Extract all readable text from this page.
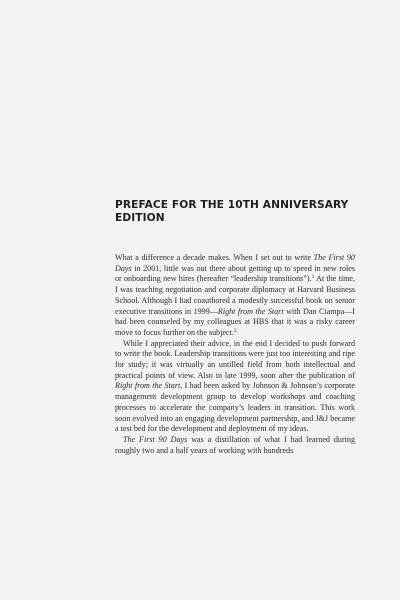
PREFACE FOR THE 10TH ANNIVERSARY
EDITION

What a difference a decade makes. When I set out to write The First 90 Days in 2001, little was out there about getting up to speed in new roles or onboarding new hires (hereafter “leadership transitions”).$^1$ At the time, I was teaching negotiation and corporate diplomacy at Harvard Business School. Although I had coauthored a modestly successful book on senior executive transitions in 1999—Right from the Start with Dan Ciampa—I had been counseled by my colleagues at HBS that it was a risky career move to focus further on the subject.$^2$

While I appreciated their advice, in the end I decided to push forward to write the book. Leadership transitions were just too interesting and ripe for study; it was virtually an untilled field from both intellectual and practical points of view. Also in late 1999, soon after the publication of Right from the Start, I had been asked by Johnson & Johnson’s corporate management development group to develop workshops and coaching processes to accelerate the company’s leaders in transition. This work soon evolved into an engaging development partnership, and J&J became a test bed for the development and deployment of my ideas.

The First 90 Days was a distillation of what I had learned during roughly two and a half years of working with hundreds
